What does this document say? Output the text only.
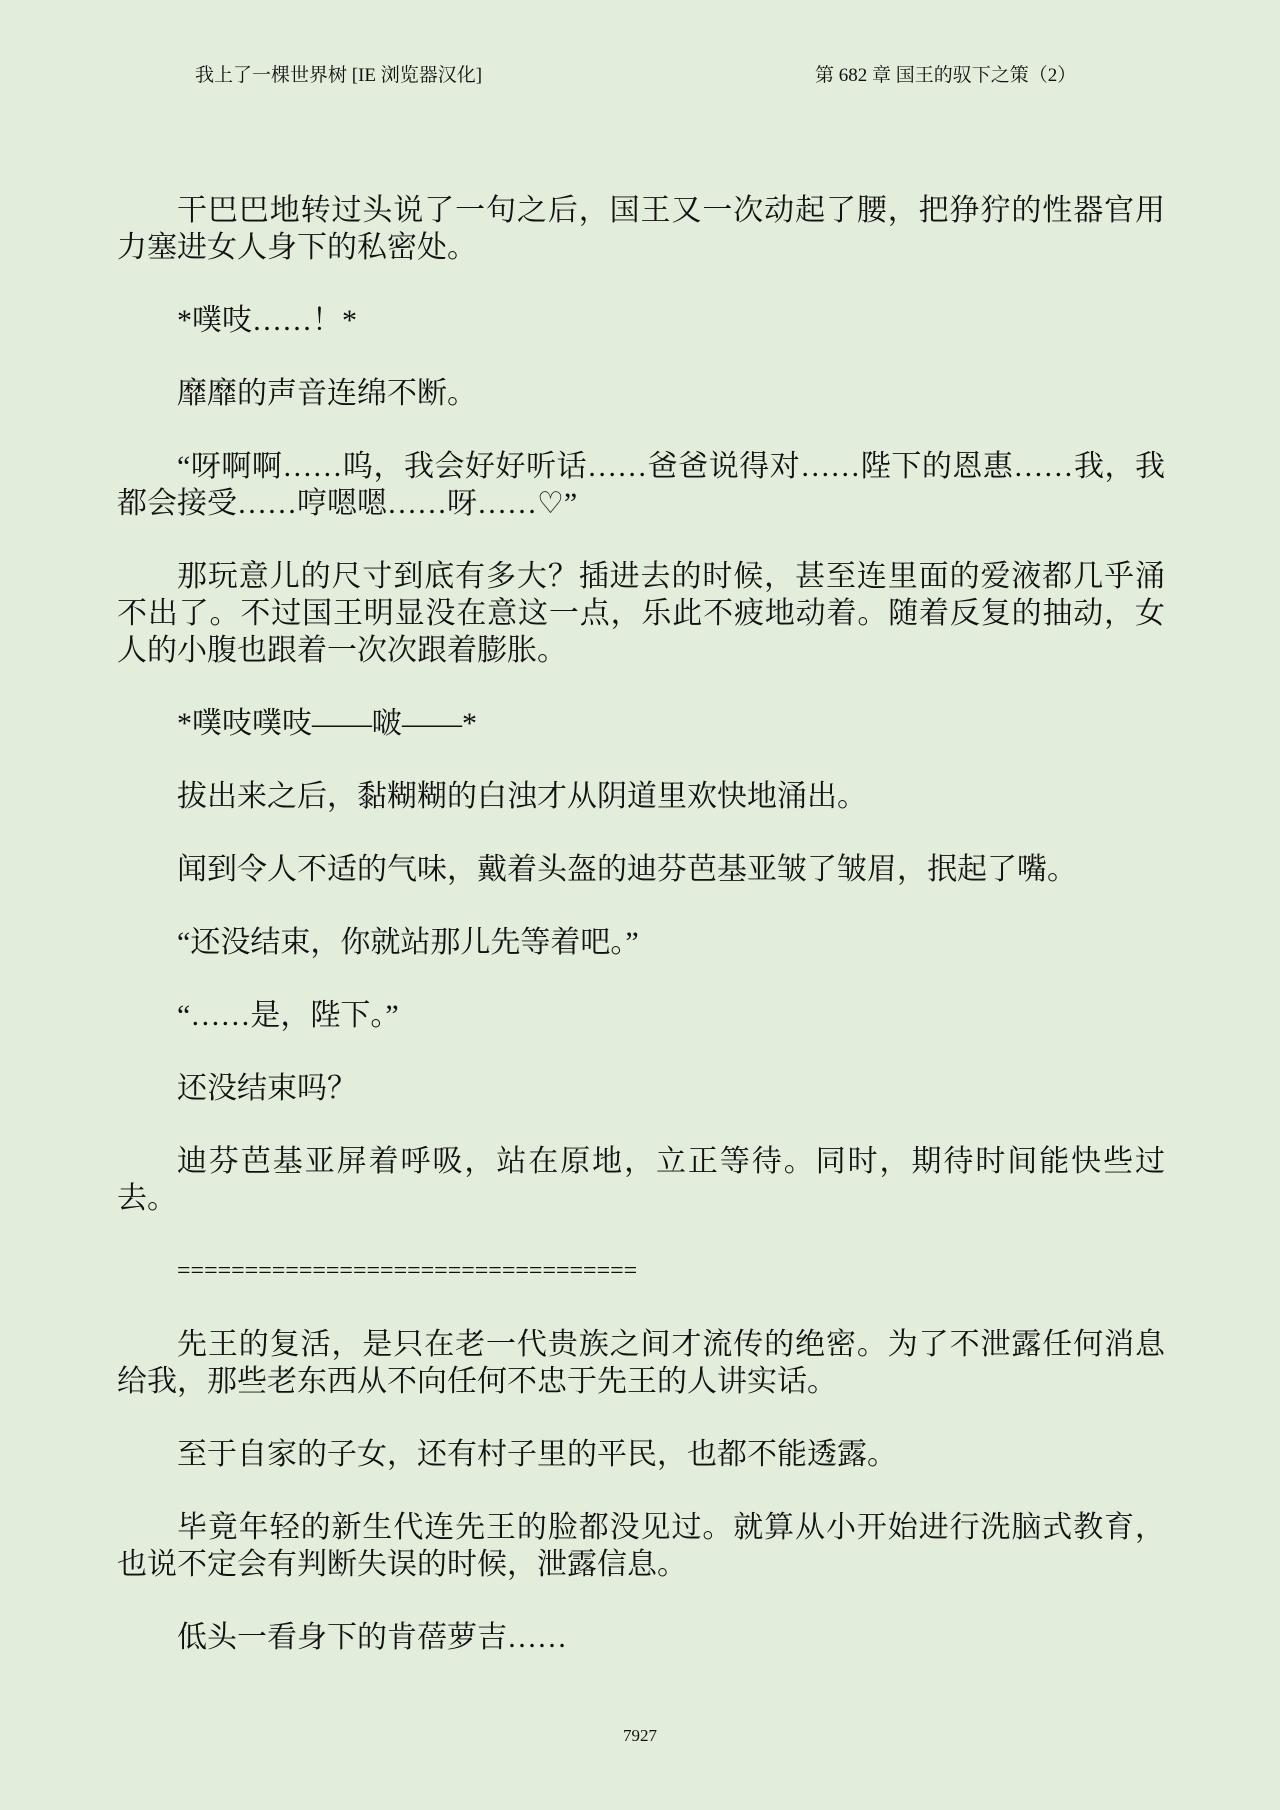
我上了一棵世界树 [IE 浏览器汉化]	第 682 章 国王的驭下之策（2）

干巴巴地转过头说了一句之后，国王又一次动起了腰，把狰狞的性器官用力塞进女人身下的私密处。

*噗吱……！*

靡靡的声音连绵不断。

“呀啊啊……呜，我会好好听话……爸爸说得对……陛下的恩惠……我，我都会接受……哼嗯嗯……呀……♡”

那玩意儿的尺寸到底有多大？插进去的时候，甚至连里面的爱液都几乎涌不出了。不过国王明显没在意这一点，乐此不疲地动着。随着反复的抽动，女人的小腹也跟着一次次跟着膨胀。

*噗吱噗吱——啵——*

拔出来之后，黏糊糊的白浊才从阴道里欢快地涌出。

闻到令人不适的气味，戴着头盔的迪芬芭基亚皱了皱眉，抿起了嘴。

“还没结束，你就站那儿先等着吧。”

“……是，陛下。”

还没结束吗？

迪芬芭基亚屏着呼吸，站在原地，立正等待。同时，期待时间能快些过去。

==================================

先王的复活，是只在老一代贵族之间才流传的绝密。为了不泄露任何消息给我，那些老东西从不向任何不忠于先王的人讲实话。

至于自家的子女，还有村子里的平民，也都不能透露。

毕竟年轻的新生代连先王的脸都没见过。就算从小开始进行洗脑式教育，也说不定会有判断失误的时候，泄露信息。

低头一看身下的肯蓓萝吉……

7927
